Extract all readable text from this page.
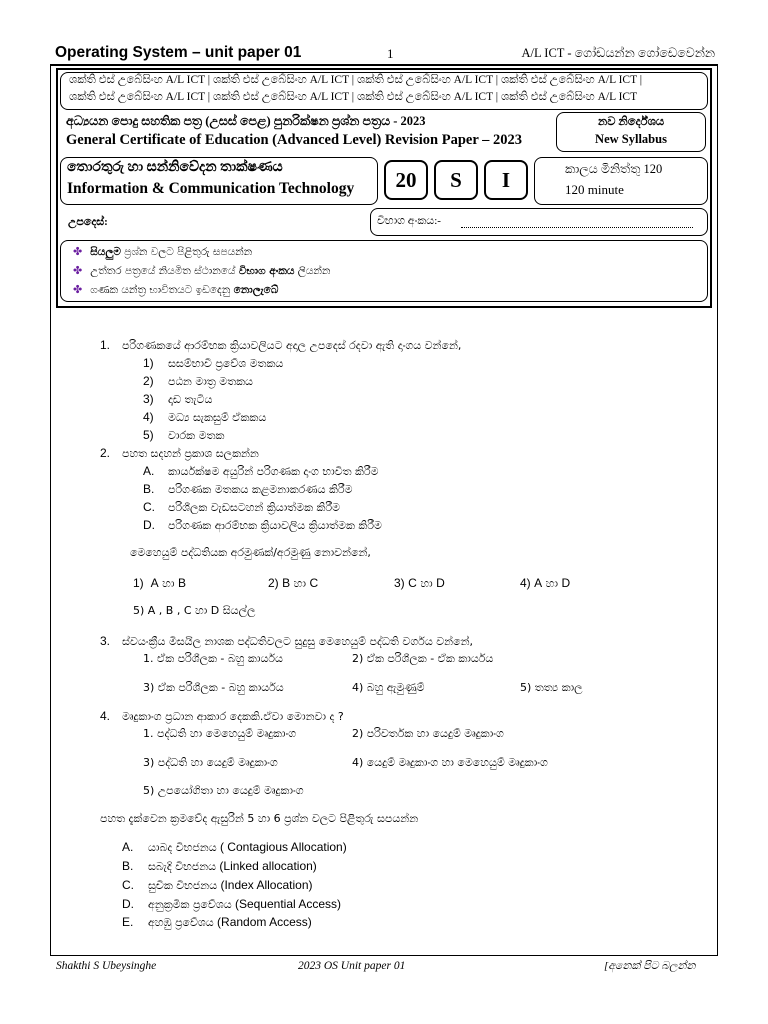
Operating System – unit paper 01	1	A/L ICT - ගෝඩයන්න ගෝඩෙවෙන්න
ශක්ති එස් උබේසිංහ A/L ICT | ශක්ති එස් උබේසිංහ A/L ICT | ශක්ති එස් උබේසිංහ A/L ICT | ශක්ති එස් උබේසිංහ A/L ICT |
ශක්ති එස් උබේසිංහ A/L ICT | ශක්ති එස් උබේසිංහ A/L ICT | ශක්ති එස් උබේසිංහ A/L ICT | ශක්ති එස් උබේසිංහ A/L ICT
අධ්‍යයන පොදු සහතික පත්‍ර (උසස් පෙළ) පුනරික්ෂන ප්‍රශ්න පත්‍රය - 2023
General Certificate of Education (Advanced Level) Revision Paper – 2023
නව නිර්දේශය
New Syllabus
තොරතුරු හා සන්නිවේදන තාක්ෂණය
Information & Communication Technology	20	S	I	කාලය මිනිත්තු 120
120 minute
උපදෙස්:	විභාග අංකය:-
✤ සියලුම ප්‍රශ්න වලට පිළිතුරු සපයන්න
✤ උත්තර පත්‍රයේ නියමිත ස්ථානයේ විභාග අංකය ලියන්න
✤ ගණක යන්ත්‍ර භාවිතයට ඉඩදෙනු නොලැබේ
1. පරිගණකයේ ආරම්භක ක්‍රියාවලියට අදාල උපදෙස් රදවා ඇති දාංගය වන්නේ,
1) සසම්භාවී ප්‍රවේශ මතකය
2) පඨන මාත්‍ර මතකය
3) දෘඩ තැටිය
4) මධ්‍ය සැකසුම් ඒකකය
5) වාරක මතක
2. පහත සදහන් ප්‍රකාශ සලකන්න
A. කාර්යක්ෂම අයුරින් පරිගණක දාංග භාවිත කිරීම
B. පරිගණක මතකය කළමනාකරණය කිරීම
C. පරිශීලක වැඩසටහන් ක්‍රියාත්මක කිරීම
D. පරිගණක ආරම්භක ක්‍රියාවලිය ක්‍රියාත්මක කිරීම
මෙහෙයුම් පද්ධතියක අරමුණක්/අරමුණු නොවන්නේ,
1) A හා B	2) B හා C	3) C හා D	4) A හා D
5) A , B , C හා D සියල්ල
3. ස්වයංක්‍රීය මිසයිල නාශක පද්ධතිවලට සුදුසු මෙහෙයුම් පද්ධති වර්ගය වන්නේ,
1. ඒක පරිශීලක - බහු කාර්යය	2) ඒක පරිශීලක - ඒක කාර්යය
3) ඒක පරිශීලක - බහු කාර්යය	4) බහු ඇමුණුම්	5) තත්‍ය කාල
4. මෘදුකාංග ප්‍රධාන ආකාර දෙකකි.ඒවා මොනවා ද ?
1. පද්ධති හා මෙහෙයුම් මෘදුකාංග	2) පරිවර්තක හා යෙදුම් මෘදුකාංග
3) පද්ධති හා යෙදුම් මෘදුකාංග	4) යෙදුම් මෘදුකාංග හා මෙහෙයුම් මෘදුකාංග
5) උපයෝගිතා හා යෙදුම් මෘදුකාංග
පහත දැක්වෙන ක්‍රමවේද ඇසුරින් 5 හා 6 ප්‍රශ්න වලට පිළිතුරු සපයන්න
A. යාබද විභජනය ( Contagious Allocation)
B. සබැදි විභජනය (Linked allocation)
C. සුචික විභජනය (Index Allocation)
D. අනුක්‍රමික ප්‍රවේශය (Sequential Access)
E. අහඹු ප්‍රවේශය (Random Access)
Shakthi S Ubeysinghe	2023 OS Unit paper 01	[අනෙක් පිට බලන්න
